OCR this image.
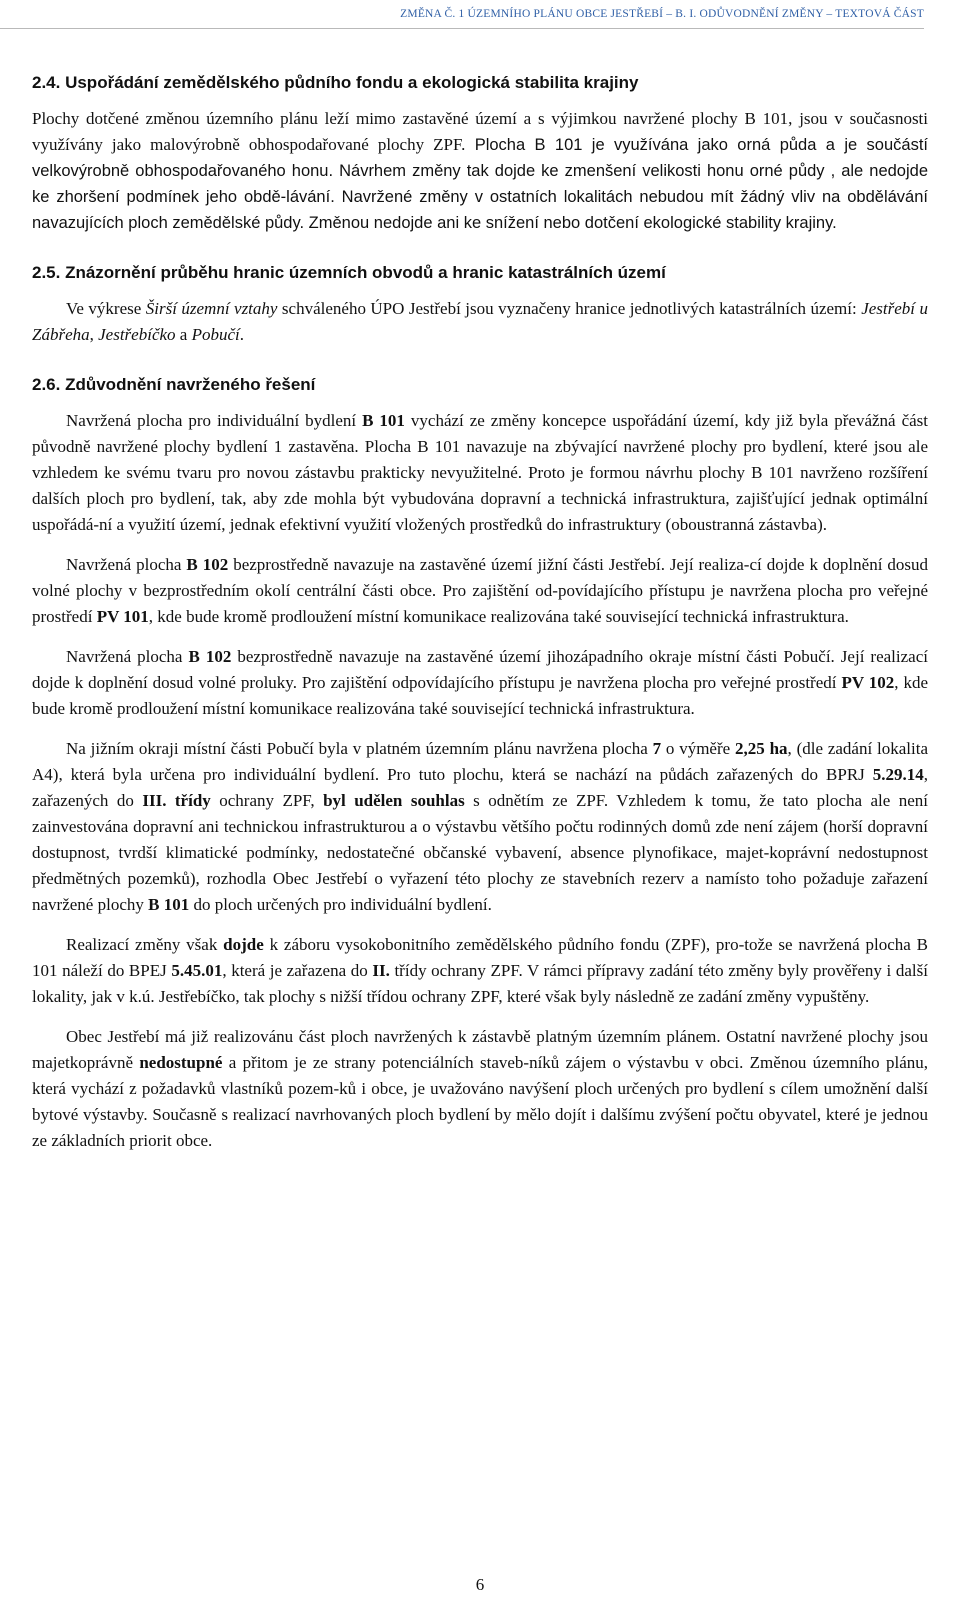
ZMĚNA Č. 1 ÚZEMNÍHO PLÁNU OBCE JESTŘEBÍ – B. I. ODŮVODNĚNÍ ZMĚNY – TEXTOVÁ ČÁST
2.4. Uspořádání zemědělského půdního fondu a ekologická stabilita krajiny

Plochy dotčené změnou územního plánu leží mimo zastavěné území a s výjimkou navržené plochy B 101, jsou v současnosti využívány jako malovýrobně obhospodařované plochy ZPF. Plocha B 101 je využívána jako orná půda a je součástí velkovýrobně obhospodařovaného honu. Návrhem změny tak dojde ke zmenšení velikosti honu orné půdy , ale nedojde ke zhoršení podmínek jeho obdě-lávání. Navržené změny v ostatních lokalitách nebudou mít žádný vliv na obdělávání navazujících ploch zemědělské půdy. Změnou nedojde ani ke snížení nebo dotčení ekologické stability krajiny.

2.5. Znázornění průběhu hranic územních obvodů a hranic katastrálních území

Ve výkrese Širší územní vztahy schváleného ÚPO Jestřebí jsou vyznačeny hranice jednotlivých katastrálních území: Jestřebí u Zábřeha, Jestřebíčko a Pobučí.

2.6. Zdůvodnění navrženého řešení

Navržená plocha pro individuální bydlení B 101 vychází ze změny koncepce uspořádání území, kdy již byla převážná část původně navržené plochy bydlení 1 zastavěna. Plocha B 101 navazuje na zbývající navržené plochy pro bydlení, které jsou ale vzhledem ke svému tvaru pro novou zástavbu prakticky nevyužitelné. Proto je formou návrhu plochy B 101 navrženo rozšíření dalších ploch pro bydlení, tak, aby zde mohla být vybudována dopravní a technická infrastruktura, zajišťující jednak optimální uspořádá-ní a využití území, jednak efektivní využití vložených prostředků do infrastruktury (oboustranná zástavba).

Navržená plocha B 102 bezprostředně navazuje na zastavěné území jižní části Jestřebí. Její realiza-cí dojde k doplnění dosud volné plochy v bezprostředním okolí centrální části obce. Pro zajištění od-povídajícího přístupu je navržena plocha pro veřejné prostředí PV 101, kde bude kromě prodloužení místní komunikace realizována také související technická infrastruktura.

Navržená plocha B 102 bezprostředně navazuje na zastavěné území jihozápadního okraje místní části Pobučí. Její realizací dojde k doplnění dosud volné proluky. Pro zajištění odpovídajícího přístupu je navržena plocha pro veřejné prostředí PV 102, kde bude kromě prodloužení místní komunikace realizována také související technická infrastruktura.

Na jižním okraji místní části Pobučí byla v platném územním plánu navržena plocha 7 o výměře 2,25 ha, (dle zadání lokalita A4), která byla určena pro individuální bydlení. Pro tuto plochu, která se nachází na půdách zařazených do BPRJ 5.29.14, zařazených do III. třídy ochrany ZPF, byl udělen souhlas s odnětím ze ZPF. Vzhledem k tomu, že tato plocha ale není zainvestována dopravní ani technickou infrastrukturou a o výstavbu většího počtu rodinných domů zde není zájem (horší dopravní dostupnost, tvrdší klimatické podmínky, nedostatečné občanské vybavení, absence plynofikace, majet-koprávní nedostupnost předmětných pozemků), rozhodla Obec Jestřebí o vyřazení této plochy ze stavebních rezerv a namísto toho požaduje zařazení navržené plochy B 101 do ploch určených pro individuální bydlení.

Realizací změny však dojde k záboru vysokobonitního zemědělského půdního fondu (ZPF), pro-tože se navržená plocha B 101 náleží do BPEJ 5.45.01, která je zařazena do II. třídy ochrany ZPF. V rámci přípravy zadání této změny byly prověřeny i další lokality, jak v k.ú. Jestřebíčko, tak plochy s nižší třídou ochrany ZPF, které však byly následně ze zadání změny vypuštěny.

Obec Jestřebí má již realizovánu část ploch navržených k zástavbě platným územním plánem. Ostatní navržené plochy jsou majetkoprávně nedostupné a přitom je ze strany potenciálních staveb-níků zájem o výstavbu v obci. Změnou územního plánu, která vychází z požadavků vlastníků pozem-ků i obce, je uvažováno navýšení ploch určených pro bydlení s cílem umožnění další bytové výstavby. Současně s realizací navrhovaných ploch bydlení by mělo dojít i dalšímu zvýšení počtu obyvatel, které je jednou ze základních priorit obce.

6
